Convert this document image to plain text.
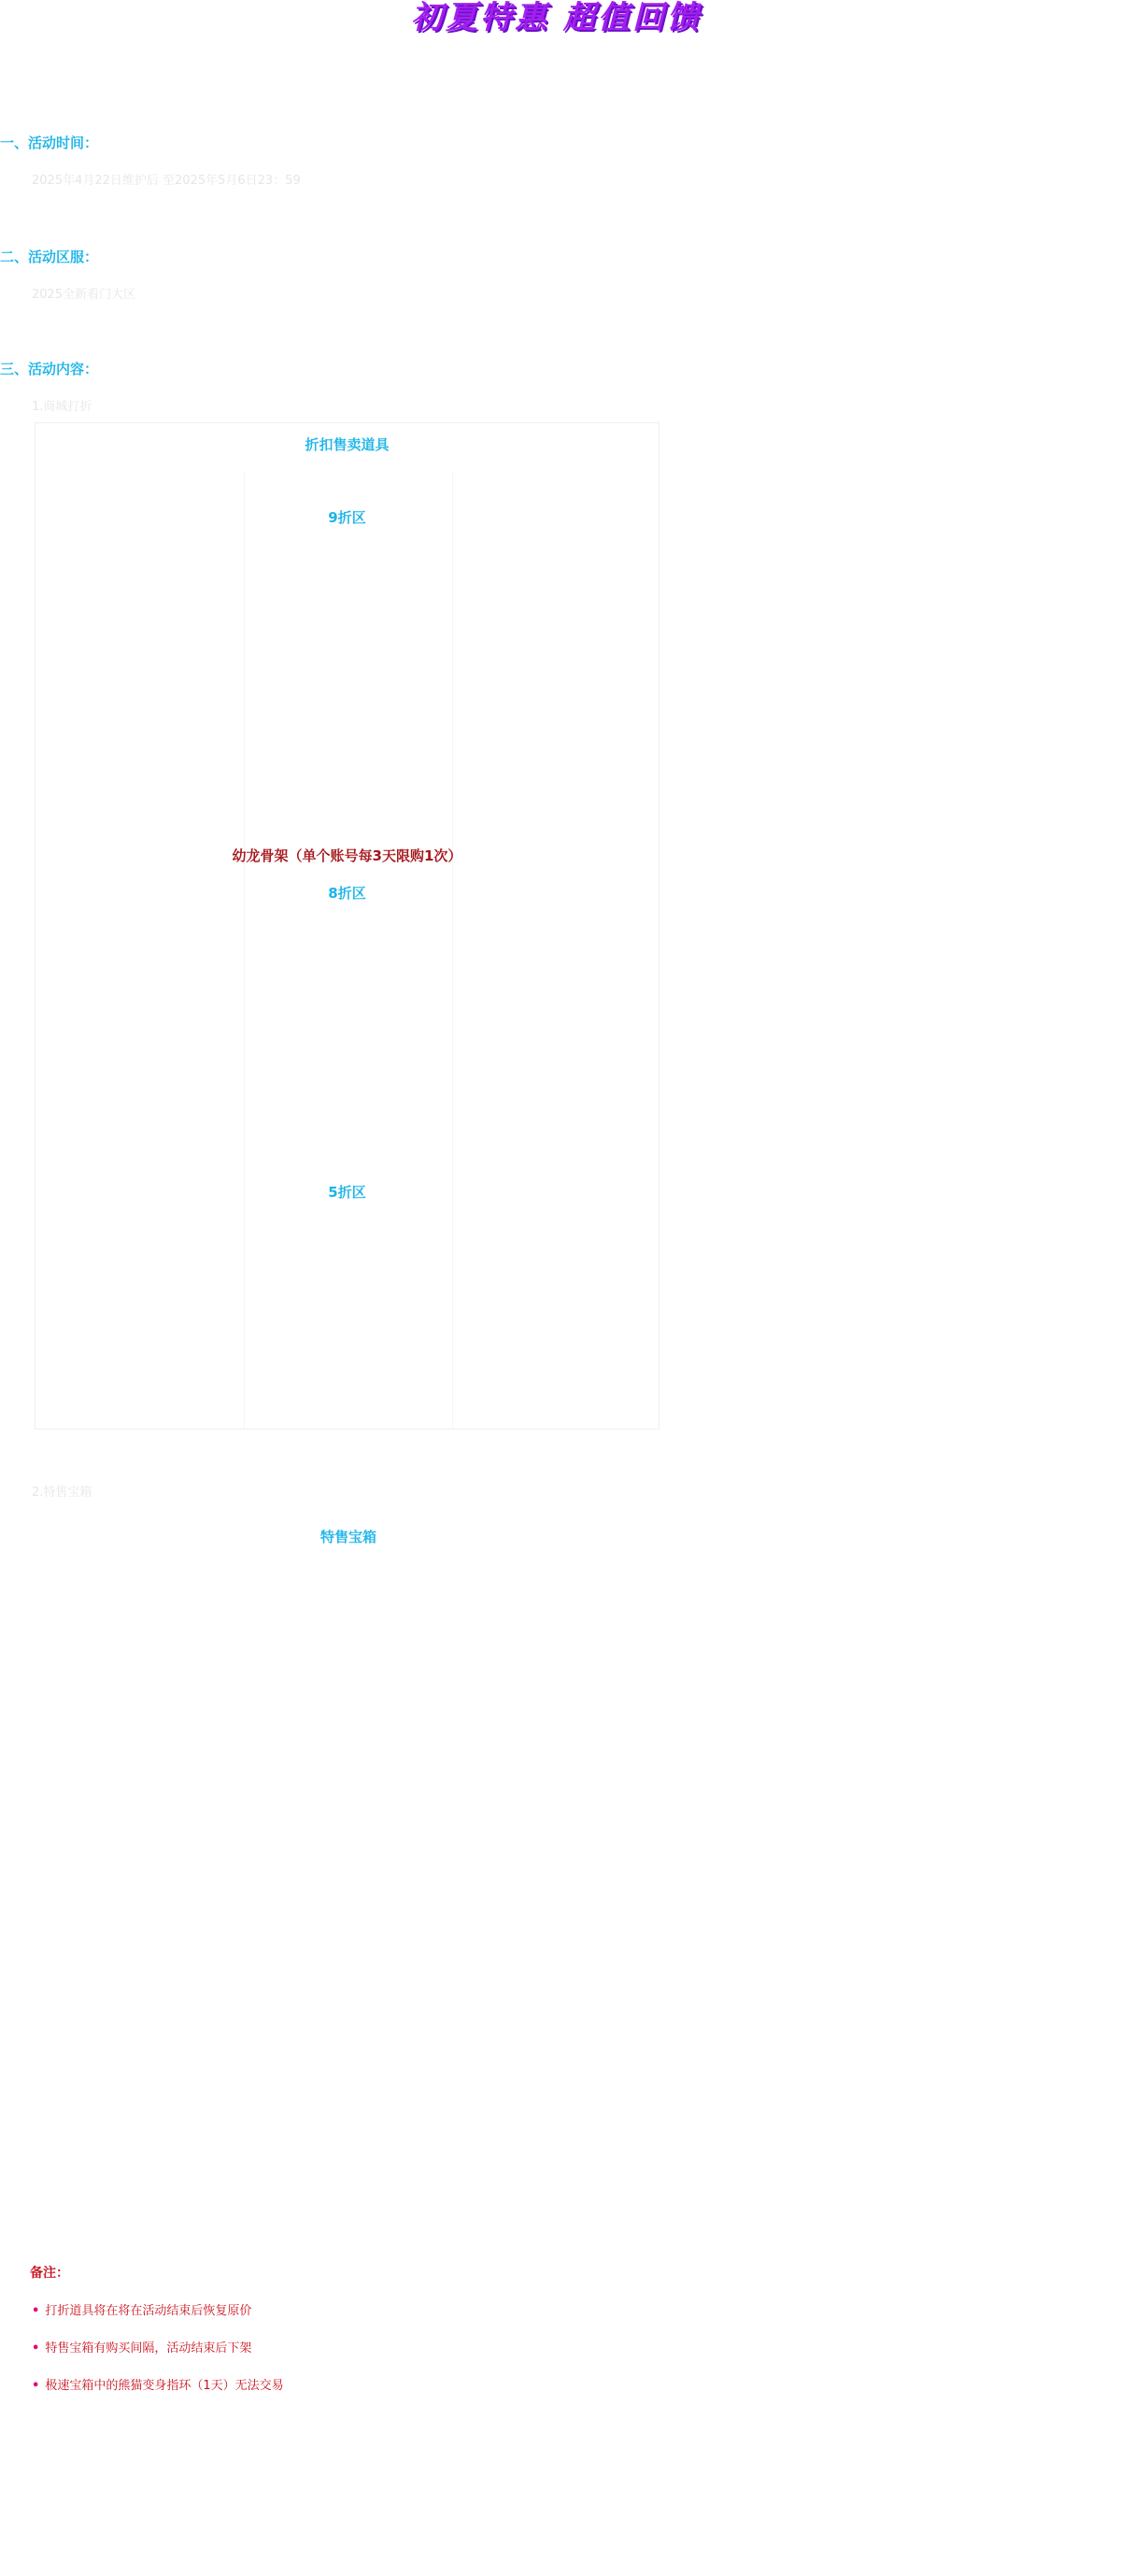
初夏特惠 超值回馈
一、活动时间：
2025年4月22日维护后 至2025年5月6日23：59
二、活动区服：
2025全新看门大区
三、活动内容：
1.商城打折
折扣售卖道具
9折区
幼龙骨架（单个账号每3天限购1次）
8折区
5折区
2.特售宝箱
特售宝箱
备注：
• 打折道具将在将在活动结束后恢复原价
• 特售宝箱有购买间隔，活动结束后下架
• 极速宝箱中的熊猫变身指环（1天）无法交易
